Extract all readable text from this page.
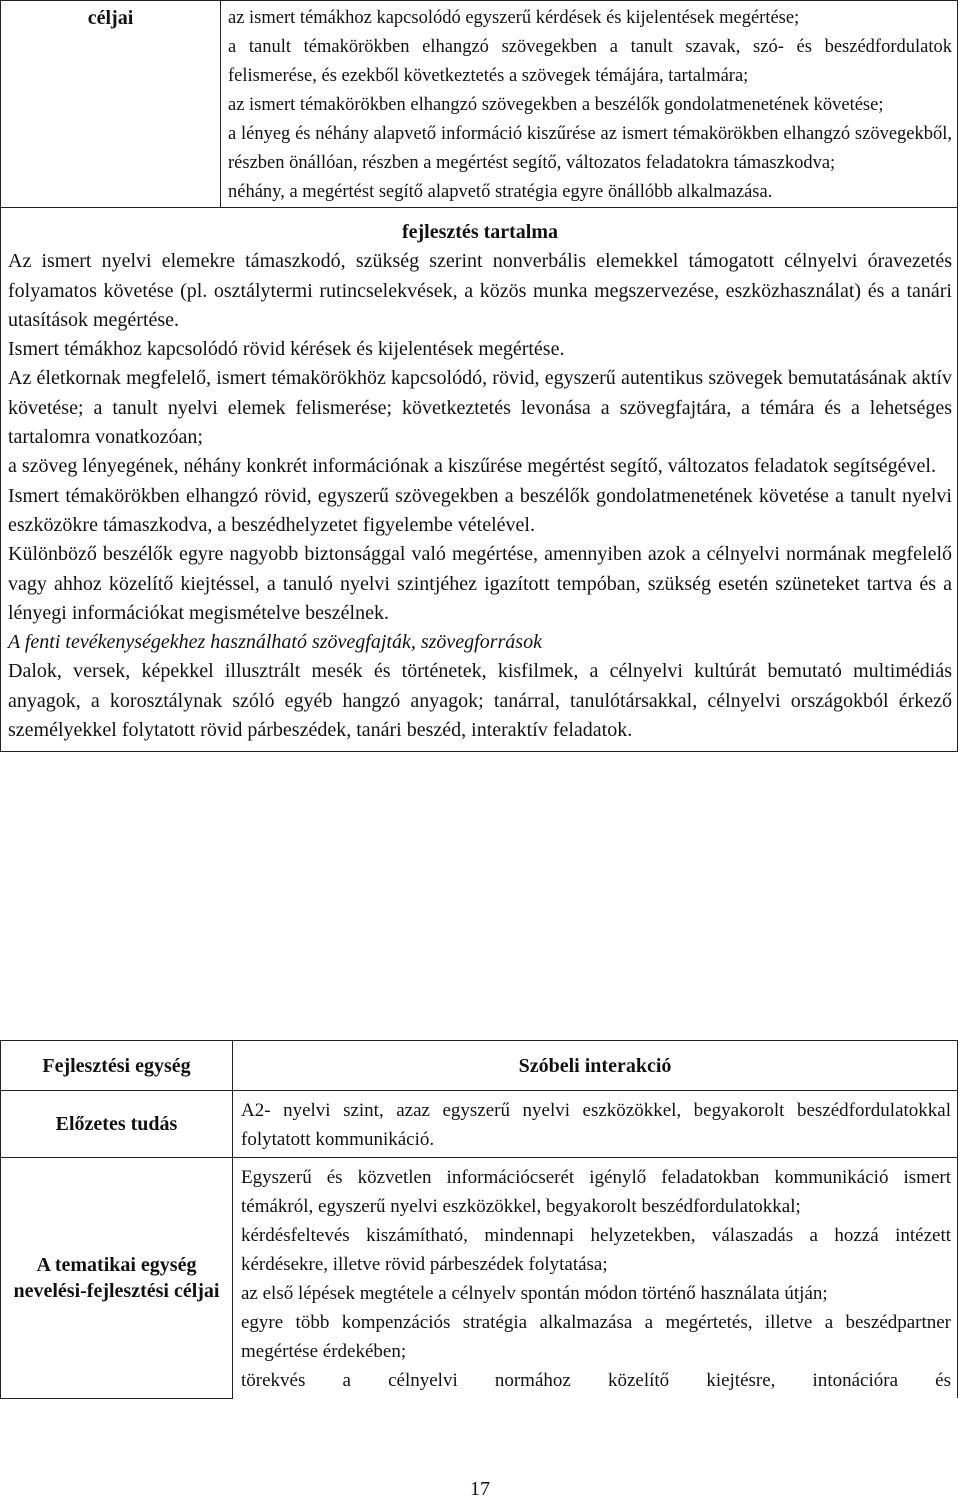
céljai	az ismert témákhoz kapcsolódó egyszerű kérdések és kijelentések megértése;

a tanult témakörökben elhangzó szövegekben a tanult szavak, szó- és beszédfordulatok felismerése, és ezekből következtetés a szövegek témájára, tartalmára;

az ismert témakörökben elhangzó szövegekben a beszélők gondolatmenetének követése;

a lényeg és néhány alapvető információ kiszűrése az ismert témakörökben elhangzó szövegekből, részben önállóan, részben a megértést segítő, változatos feladatokra támaszkodva;

néhány, a megértést segítő alapvető stratégia egyre önállóbb alkalmazása.

fejlesztés tartalma

Az ismert nyelvi elemekre támaszkodó, szükség szerint nonverbális elemekkel támogatott célnyelvi óravezetés folyamatos követése (pl. osztálytermi rutincselekvések, a közös munka megszervezése, eszközhasználat) és a tanári utasítások megértése.

Ismert témákhoz kapcsolódó rövid kérések és kijelentések megértése.

Az életkornak megfelelő, ismert témakörökhöz kapcsolódó, rövid, egyszerű autentikus szövegek bemutatásának aktív követése; a tanult nyelvi elemek felismerése; következtetés levonása a szövegfajtára, a témára és a lehetséges tartalomra vonatkozóan;

a szöveg lényegének, néhány konkrét információnak a kiszűrése megértést segítő, változatos feladatok segítségével.

Ismert témakörökben elhangzó rövid, egyszerű szövegekben a beszélők gondolatmenetének követése a tanult nyelvi eszközökre támaszkodva, a beszédhelyzetet figyelembe vételével.

Különböző beszélők egyre nagyobb biztonsággal való megértése, amennyiben azok a célnyelvi normának megfelelő vagy ahhoz közelítő kiejtéssel, a tanuló nyelvi szintjéhez igazított tempóban, szükség esetén szüneteket tartva és a lényegi információkat megismételve beszélnek.

A fenti tevékenységekhez használható szövegfajták, szövegforrások

Dalok, versek, képekkel illusztrált mesék és történetek, kisfilmek, a célnyelvi kultúrát bemutató multimédiás anyagok, a korosztálynak szóló egyéb hangzó anyagok; tanárral, tanulótársakkal, célnyelvi országokból érkező személyekkel folytatott rövid párbeszédek, tanári beszéd, interaktív feladatok.

Fejlesztési egység	Szóbeli interakció
Előzetes tudás	A2- nyelvi szint, azaz egyszerű nyelvi eszközökkel, begyakorolt beszédfordulatokkal folytatott kommunikáció.

A tematikai egység nevelési-fejlesztési céljai	Egyszerű és közvetlen információcserét igénylő feladatokban kommunikáció ismert témákról, egyszerű nyelvi eszközökkel, begyakorolt beszédfordulatokkal;

kérdésfeltevés kiszámítható, mindennapi helyzetekben, válaszadás a hozzá intézett kérdésekre, illetve rövid párbeszédek folytatása;

az első lépések megtétele a célnyelv spontán módon történő használata útján;

egyre több kompenzációs stratégia alkalmazása a megértetés, illetve a beszédpartner megértése érdekében;

törekvés a célnyelvi normához közelítő kiejtésre, intonációra és

17
